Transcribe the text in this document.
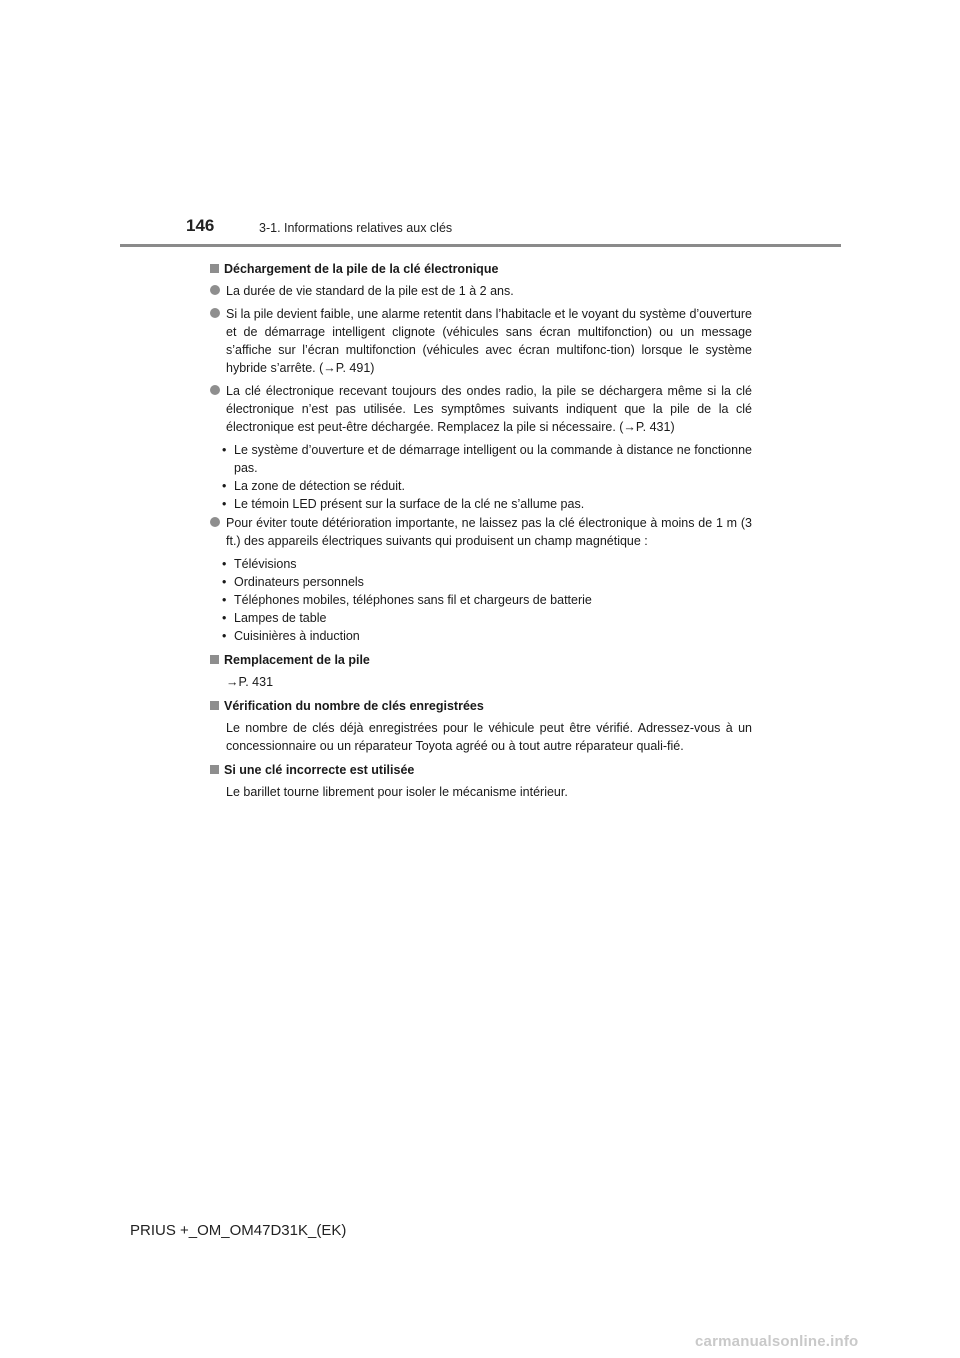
146	3-1. Informations relatives aux clés
Déchargement de la pile de la clé électronique
La durée de vie standard de la pile est de 1 à 2 ans.
Si la pile devient faible, une alarme retentit dans l’habitacle et le voyant du système d’ouverture et de démarrage intelligent clignote (véhicules sans écran multifonction) ou un message s’affiche sur l’écran multifonction (véhicules avec écran multifonc-tion) lorsque le système hybride s’arrête. (→P. 491)
La clé électronique recevant toujours des ondes radio, la pile se déchargera même si la clé électronique n’est pas utilisée. Les symptômes suivants indiquent que la pile de la clé électronique est peut-être déchargée. Remplacez la pile si nécessaire. (→P. 431)
• Le système d’ouverture et de démarrage intelligent ou la commande à distance ne fonctionne pas.
• La zone de détection se réduit.
• Le témoin LED présent sur la surface de la clé ne s’allume pas.
Pour éviter toute détérioration importante, ne laissez pas la clé électronique à moins de 1 m (3 ft.) des appareils électriques suivants qui produisent un champ magnétique :
• Télévisions
• Ordinateurs personnels
• Téléphones mobiles, téléphones sans fil et chargeurs de batterie
• Lampes de table
• Cuisinières à induction
Remplacement de la pile
→P. 431
Vérification du nombre de clés enregistrées
Le nombre de clés déjà enregistrées pour le véhicule peut être vérifié. Adressez-vous à un concessionnaire ou un réparateur Toyota agréé ou à tout autre réparateur quali-fié.
Si une clé incorrecte est utilisée
Le barillet tourne librement pour isoler le mécanisme intérieur.
PRIUS +_OM_OM47D31K_(EK)
carmanualsonline.info
